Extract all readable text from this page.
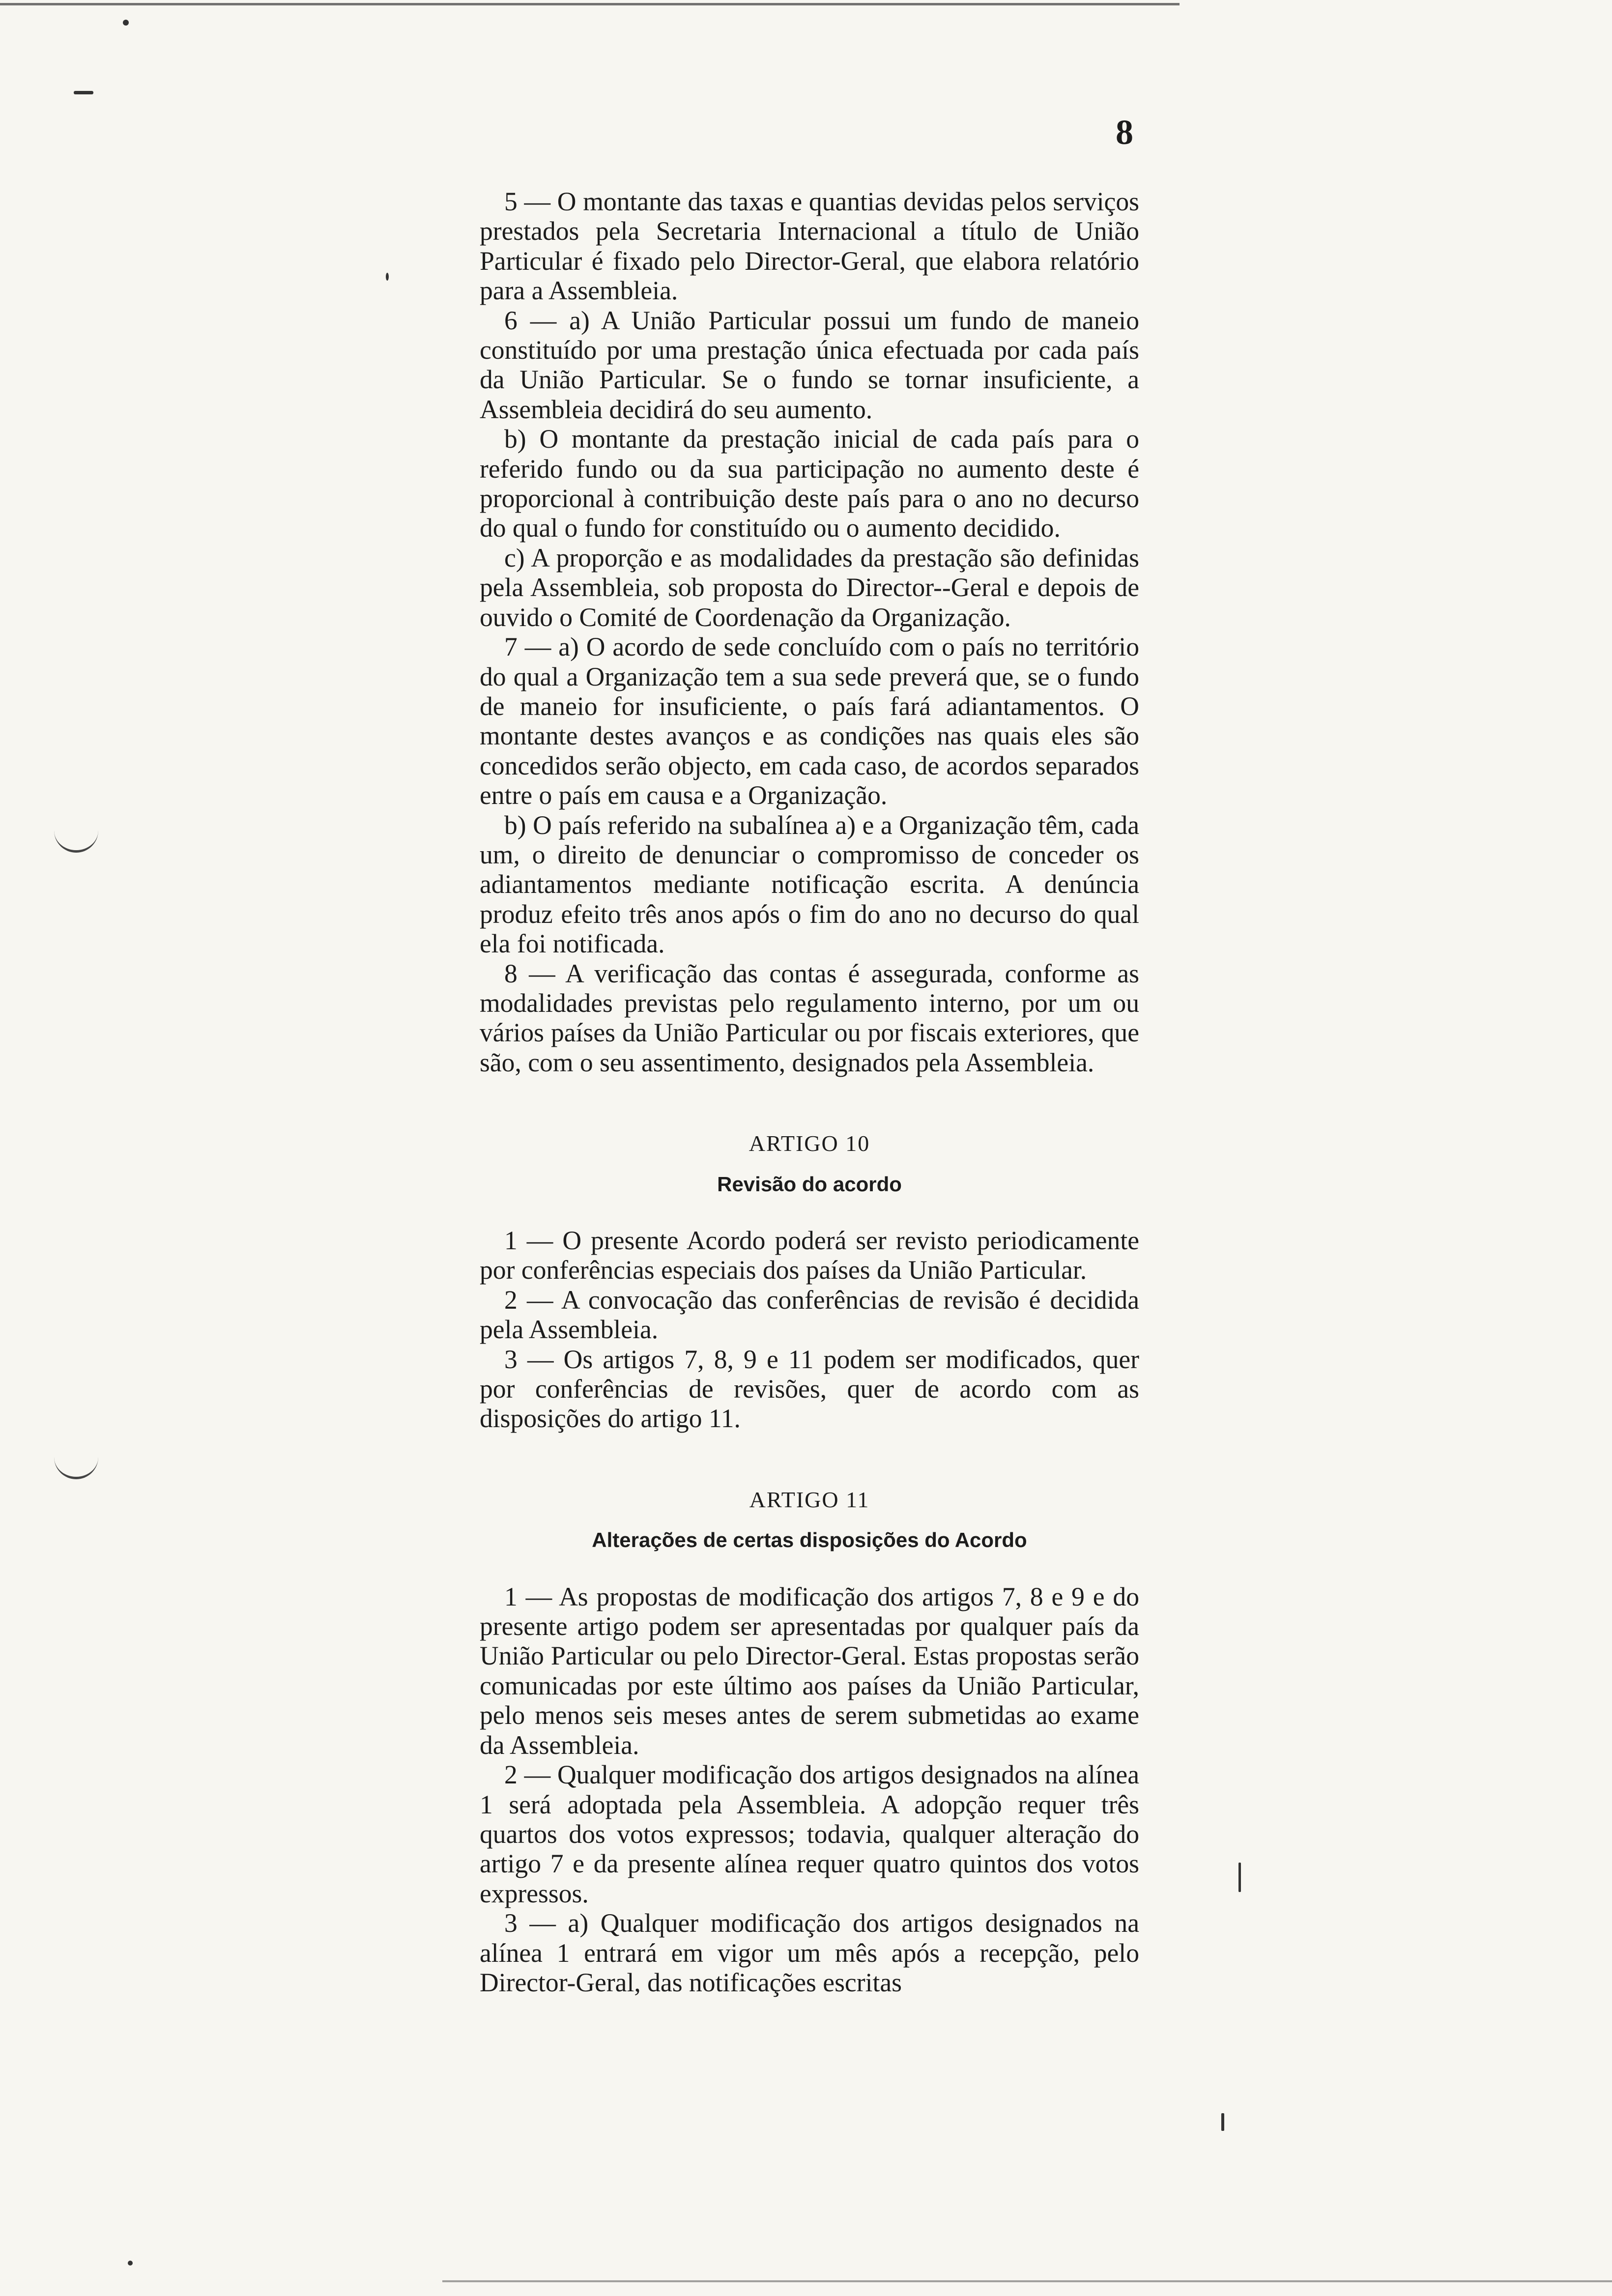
8

5 — O montante das taxas e quantias devidas pelos serviços prestados pela Secretaria Internacional a título de União Particular é fixado pelo Director-Geral, que elabora relatório para a Assembleia.

6 — a) A União Particular possui um fundo de maneio constituído por uma prestação única efectuada por cada país da União Particular. Se o fundo se tornar insuficiente, a Assembleia decidirá do seu aumento.

b) O montante da prestação inicial de cada país para o referido fundo ou da sua participação no aumento deste é proporcional à contribuição deste país para o ano no decurso do qual o fundo for constituído ou o aumento decidido.

c) A proporção e as modalidades da prestação são definidas pela Assembleia, sob proposta do Director--Geral e depois de ouvido o Comité de Coordenação da Organização.

7 — a) O acordo de sede concluído com o país no território do qual a Organização tem a sua sede preverá que, se o fundo de maneio for insuficiente, o país fará adiantamentos. O montante destes avanços e as condições nas quais eles são concedidos serão objecto, em cada caso, de acordos separados entre o país em causa e a Organização.

b) O país referido na subalínea a) e a Organização têm, cada um, o direito de denunciar o compromisso de conceder os adiantamentos mediante notificação escrita. A denúncia produz efeito três anos após o fim do ano no decurso do qual ela foi notificada.

8 — A verificação das contas é assegurada, conforme as modalidades previstas pelo regulamento interno, por um ou vários países da União Particular ou por fiscais exteriores, que são, com o seu assentimento, designados pela Assembleia.

ARTIGO 10
Revisão do acordo

1 — O presente Acordo poderá ser revisto periodicamente por conferências especiais dos países da União Particular.

2 — A convocação das conferências de revisão é decidida pela Assembleia.

3 — Os artigos 7, 8, 9 e 11 podem ser modificados, quer por conferências de revisões, quer de acordo com as disposições do artigo 11.

ARTIGO 11
Alterações de certas disposições do Acordo

1 — As propostas de modificação dos artigos 7, 8 e 9 e do presente artigo podem ser apresentadas por qualquer país da União Particular ou pelo Director-Geral. Estas propostas serão comunicadas por este último aos países da União Particular, pelo menos seis meses antes de serem submetidas ao exame da Assembleia.

2 — Qualquer modificação dos artigos designados na alínea 1 será adoptada pela Assembleia. A adopção requer três quartos dos votos expressos; todavia, qualquer alteração do artigo 7 e da presente alínea requer quatro quintos dos votos expressos.

3 — a) Qualquer modificação dos artigos designados na alínea 1 entrará em vigor um mês após a recepção, pelo Director-Geral, das notificações escritas
